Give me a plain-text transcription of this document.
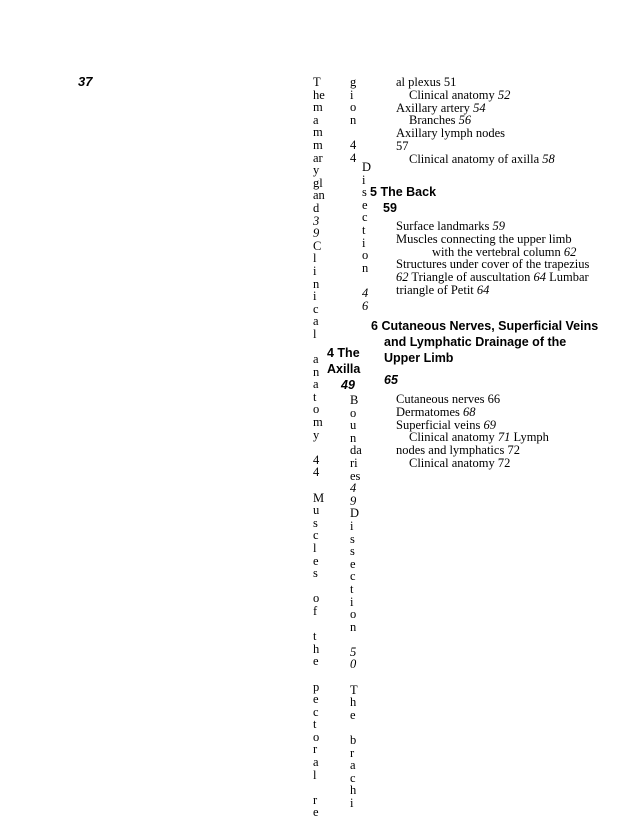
37	T
he
m
a
m
m
ar
y
gl
an
d
3
9
C
l
i
n
i
c
a
l

a
n
a
t
o
m
y

4
4

M
u
s
c
l
e
s

o
f

t
h
e

p
e
c
t
o
r
a
l

r
e
g
i
o
n

4
4
D
i
s
e
c
t
i
o
n

4
6
4 The
Axilla
49
B
o
u
n
da
ri
es
4
9
D
i
s
s
e
c
t
i
o
n

5
0

T
h
e

b
r
a
c
h
i
al plexus 51
Clinical anatomy 52
Axillary artery 54
Branches 56
Axillary lymph nodes
57
Clinical anatomy of axilla 58
5 The Back
59
Surface landmarks 59
Muscles connecting the upper limb
with the vertebral column 62
Structures under cover of the trapezius
62 Triangle of auscultation 64 Lumbar
triangle of Petit 64
6 Cutaneous Nerves, Superficial Veins
and Lymphatic Drainage of the
Upper Limb
65
Cutaneous nerves 66
Dermatomes 68
Superficial veins 69
Clinical anatomy 71 Lymph
nodes and lymphatics 72
Clinical anatomy 72
